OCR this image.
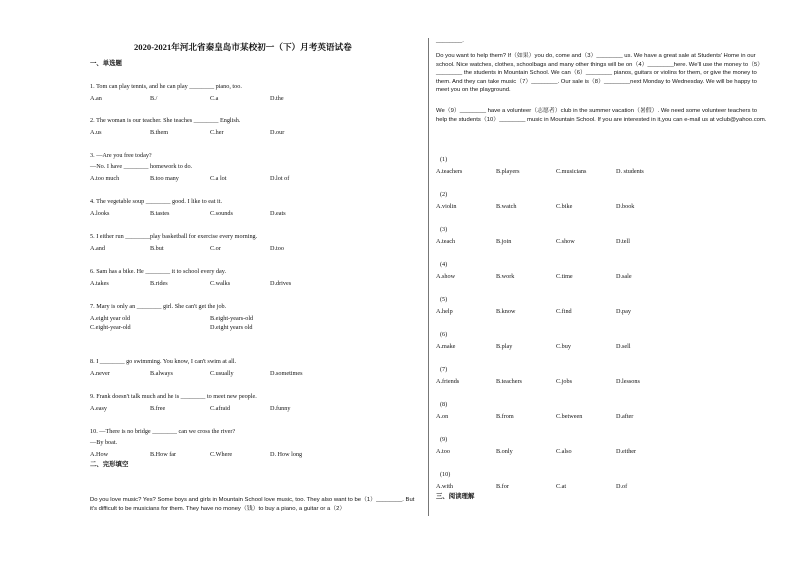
2020-2021年河北省秦皇岛市某校初一（下）月考英语试卷
一、单选题
1. Tom can play tennis, and he can play ________ piano, too.
A.an	B./	C.a	D.the
2. The woman is our teacher. She teaches ________ English.
A.us	B.them	C.her	D.our
3. —Are you free today?
—No. I have ________ homework to do.
A.too much	B.too many	C.a lot	D.lot of
4. The vegetable soup ________ good. I like to eat it.
A.looks	B.tastes	C.sounds	D.eats
5. I either run ________play basketball for exercise every morning.
A.and	B.but	C.or	D.too
6. Sam has a bike. He ________ it to school every day.
A.takes	B.rides	C.walks	D.drives
7. Mary is only an ________ girl. She can't get the job.
A.eight year old	B.eight-years-old
C.eight-year-old	D.eight years old
8. I ________ go swimming. You know, I can't swim at all.
A.never	B.always	C.usually	D.sometimes
9. Frank doesn't talk much and he is ________ to meet new people.
A.easy	B.free	C.afraid	D.funny
10. —There is no bridge ________ can we cross the river?
—By boat.
A.How	B.How far	C.Where	D. How long
二、完形填空
Do you love music? Yes? Some boys and girls in Mountain School love music, too. They also want to be（1）________. But it's difficult to be musicians for them. They have no money（钱）to buy a piano, a guitar or a（2）
________.
Do you want to help them? If（如果）you do, come and（3）________ us. We have a great sale at Students' Home in our school. Nice watches, clothes, schoolbags and many other things will be on（4）________here. We'll use the money to（5）________ the students in Mountain School. We can（6）________ pianos, guitars or violins for them, or give the money to them. And they can take music（7）________. Our sale is（8）________next Monday to Wednesday. We will be happy to meet you on the playground.
We（9）________ have a volunteer（志愿者）club in the summer vacation（暑假）. We need some volunteer teachers to help the students（10）________ music in Mountain School. If you are interested in it,you can e-mail us at vclub@yahoo.com.
(1)
A.teachers	B.players	C.musicians	D. students
(2)
A.violin	B.watch	C.bike	D.book
(3)
A.teach	B.join	C.show	D.tell
(4)
A.show	B.work	C.time	D.sale
(5)
A.help	B.know	C.find	D.pay
(6)
A.make	B.play	C.buy	D.sell
(7)
A.friends	B.teachers	C.jobs	D.lessons
(8)
A.on	B.from	C.between	D.after
(9)
A.too	B.only	C.also	D.either
(10)
A.with	B.for	C.at	D.of
三、阅读理解
